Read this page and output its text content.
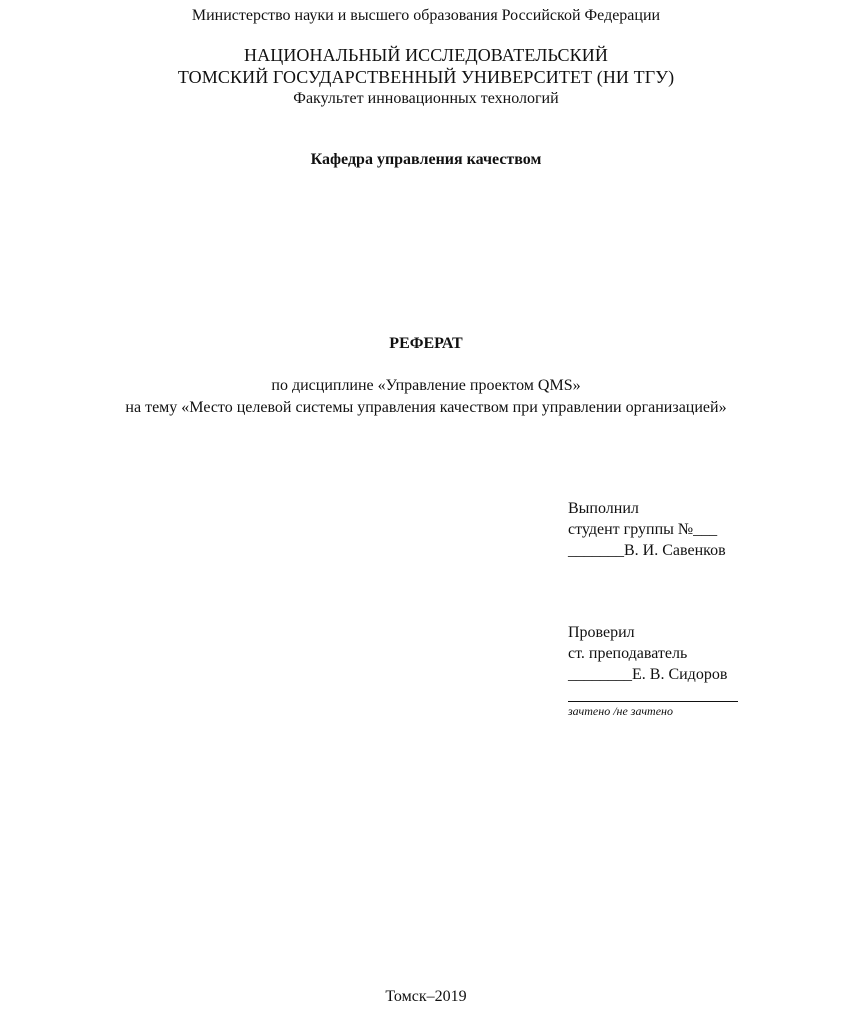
Министерство науки и высшего образования Российской Федерации
НАЦИОНАЛЬНЫЙ ИССЛЕДОВАТЕЛЬСКИЙ
ТОМСКИЙ ГОСУДАРСТВЕННЫЙ УНИВЕРСИТЕТ (НИ ТГУ)
Факультет инновационных технологий
Кафедра управления качеством
РЕФЕРАТ
по дисциплине «Управление проектом QMS»
на тему «Место целевой системы управления качеством при управлении организацией»
Выполнил
студент группы №___
_______В. И. Савенков
Проверил
ст. преподаватель
________Е. В. Сидоров
зачтено /не зачтено
Томск–2019
